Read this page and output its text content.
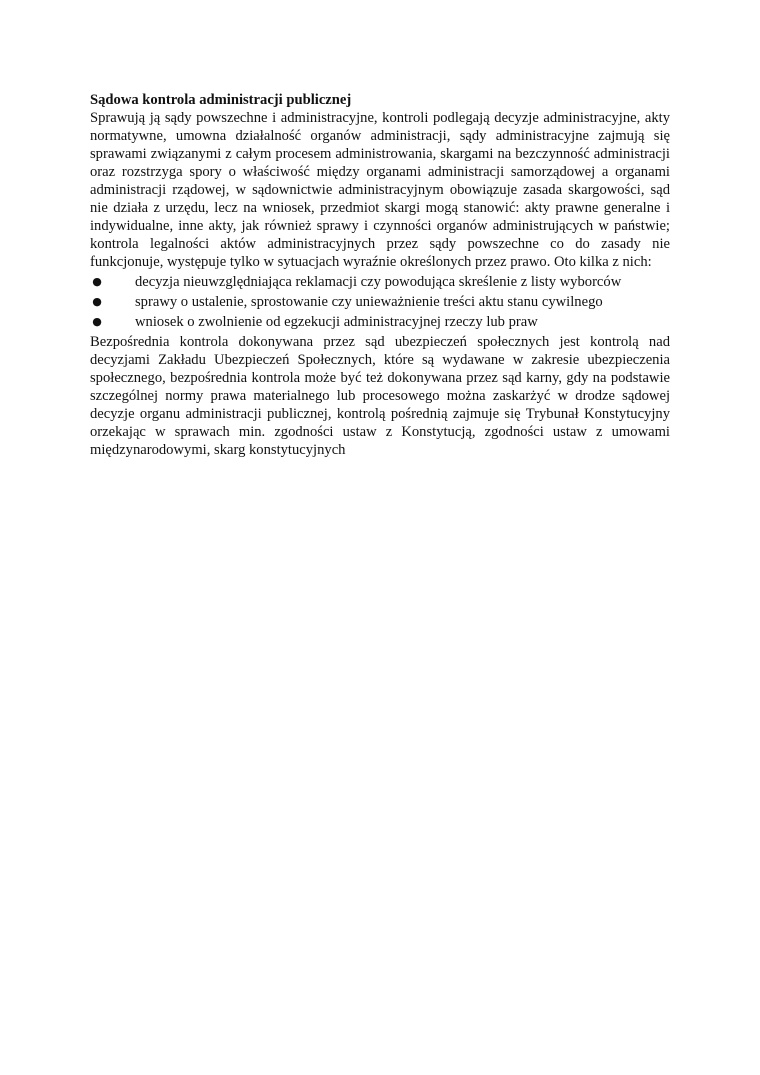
Sądowa kontrola administracji publicznej

Sprawują ją sądy powszechne i administracyjne, kontroli podlegają decyzje administracyjne, akty normatywne, umowna działalność organów administracji, sądy administracyjne zajmują się sprawami związanymi z całym procesem administrowania, skargami na bezczynność administracji oraz rozstrzyga spory o właściwość między organami administracji samorządowej a organami administracji rządowej, w sądownictwie administracyjnym obowiązuje zasada skargowości, sąd nie działa z urzędu, lecz na wniosek, przedmiot skargi mogą stanowić: akty prawne generalne i indywidualne, inne akty, jak również sprawy i czynności organów administrujących w państwie; kontrola legalności aktów administracyjnych przez sądy powszechne co do zasady nie funkcjonuje, występuje tylko w sytuacjach wyraźnie określonych przez prawo. Oto kilka z nich:

● decyzja nieuwzględniająca reklamacji czy powodująca skreślenie z listy wyborców
● sprawy o ustalenie, sprostowanie czy unieważnienie treści aktu stanu cywilnego
● wniosek o zwolnienie od egzekucji administracyjnej rzeczy lub praw

Bezpośrednia kontrola dokonywana przez sąd ubezpieczeń społecznych jest kontrolą nad decyzjami Zakładu Ubezpieczeń Społecznych, które są wydawane w zakresie ubezpieczenia społecznego, bezpośrednia kontrola może być też dokonywana przez sąd karny, gdy na podstawie szczególnej normy prawa materialnego lub procesowego można zaskarżyć w drodze sądowej decyzje organu administracji publicznej, kontrolą pośrednią zajmuje się Trybunał Konstytucyjny orzekając w sprawach min. zgodności ustaw z Konstytucją, zgodności ustaw z umowami międzynarodowymi, skarg konstytucyjnych
